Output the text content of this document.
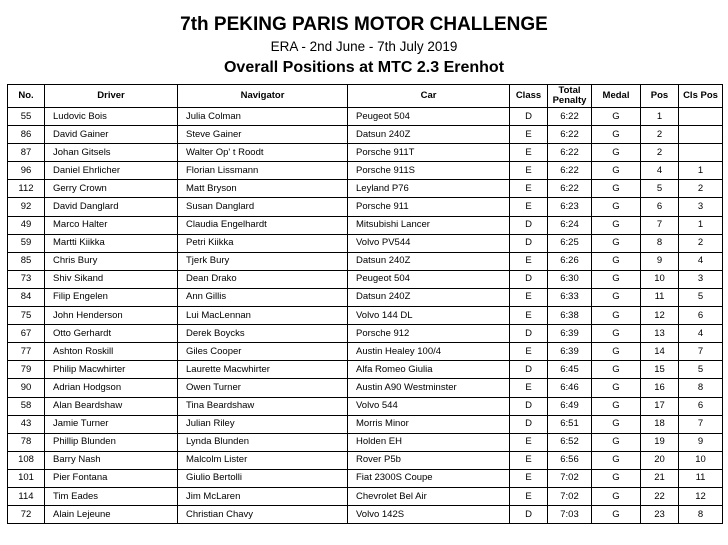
7th PEKING PARIS MOTOR CHALLENGE
ERA - 2nd June - 7th July 2019
Overall Positions at MTC 2.3 Erenhot
No.	Driver	Navigator	Car	Class	Total Penalty	Medal	Pos	Cls Pos
55	Ludovic Bois	Julia Colman	Peugeot 504	D	6:22	G	1	
86	David Gainer	Steve Gainer	Datsun 240Z	E	6:22	G	2	
87	Johan Gitsels	Walter Op' t Roodt	Porsche 911T	E	6:22	G	2	
96	Daniel Ehrlicher	Florian Lissmann	Porsche 911S	E	6:22	G	4	1
112	Gerry Crown	Matt Bryson	Leyland P76	E	6:22	G	5	2
92	David Danglard	Susan Danglard	Porsche 911	E	6:23	G	6	3
49	Marco Halter	Claudia Engelhardt	Mitsubishi Lancer	D	6:24	G	7	1
59	Martti Kiikka	Petri Kiikka	Volvo PV544	D	6:25	G	8	2
85	Chris Bury	Tjerk Bury	Datsun 240Z	E	6:26	G	9	4
73	Shiv Sikand	Dean Drako	Peugeot 504	D	6:30	G	10	3
84	Filip Engelen	Ann Gillis	Datsun 240Z	E	6:33	G	11	5
75	John Henderson	Lui MacLennan	Volvo 144 DL	E	6:38	G	12	6
67	Otto Gerhardt	Derek Boycks	Porsche 912	D	6:39	G	13	4
77	Ashton Roskill	Giles Cooper	Austin Healey 100/4	E	6:39	G	14	7
79	Philip Macwhirter	Laurette Macwhirter	Alfa Romeo Giulia	D	6:45	G	15	5
90	Adrian Hodgson	Owen Turner	Austin A90 Westminster	E	6:46	G	16	8
58	Alan Beardshaw	Tina Beardshaw	Volvo 544	D	6:49	G	17	6
43	Jamie Turner	Julian Riley	Morris Minor	D	6:51	G	18	7
78	Phillip Blunden	Lynda Blunden	Holden EH	E	6:52	G	19	9
108	Barry Nash	Malcolm Lister	Rover P5b	E	6:56	G	20	10
101	Pier Fontana	Giulio Bertolli	Fiat 2300S Coupe	E	7:02	G	21	11
114	Tim Eades	Jim McLaren	Chevrolet Bel Air	E	7:02	G	22	12
72	Alain Lejeune	Christian Chavy	Volvo 142S	D	7:03	G	23	8
